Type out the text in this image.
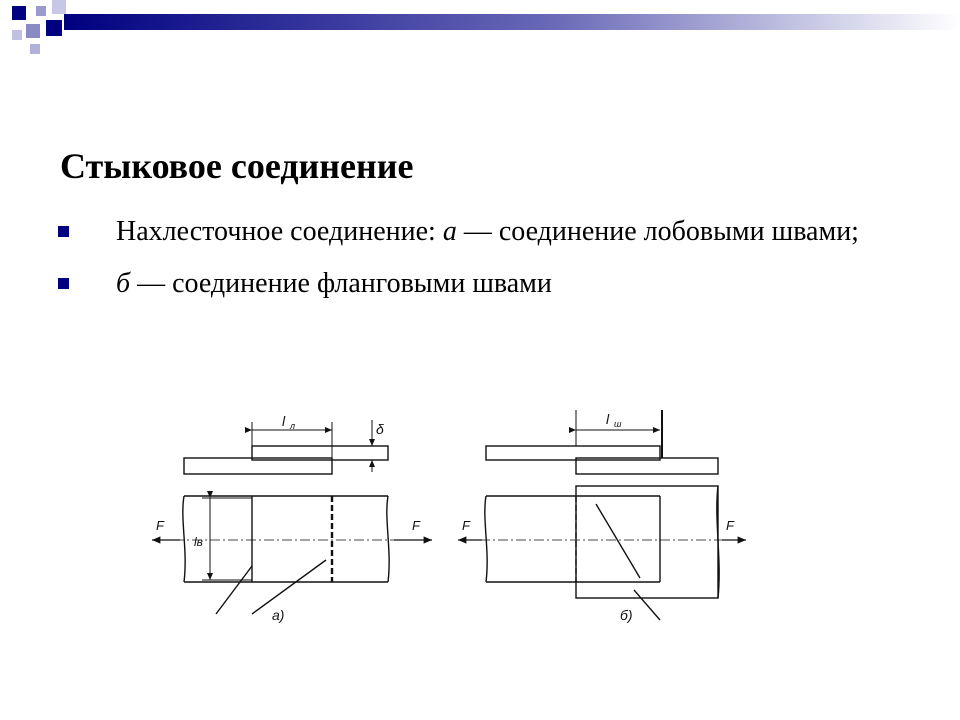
Стыковое соединение
Нахлесточное соединение: а — соединение лобовыми швами;
б — соединение фланговыми швами
l л	δ
lв
F	F
а)
l ш
F	F
б)
